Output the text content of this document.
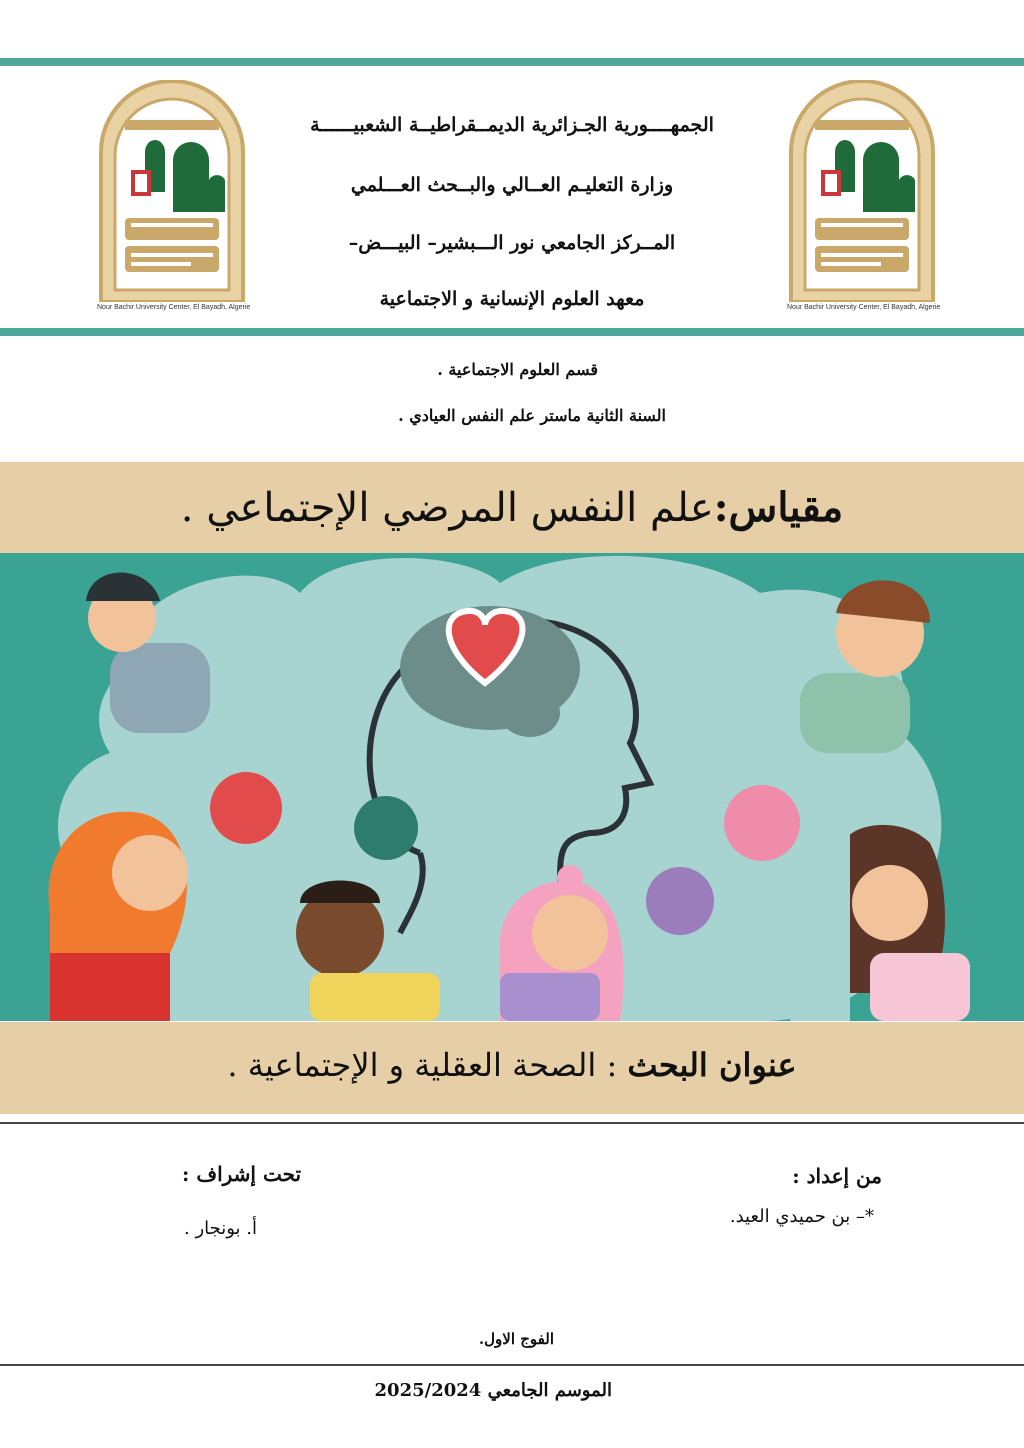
Nour Bachir University Center, El Bayadh, Algerie	Nour Bachir University Center, El Bayadh, Algerie
الجمهــــورية الجـزائرية الديمــقراطيــة الشعبيــــــة
وزارة التعليـم العــالي والبــحث العـــلمي
المــركز الجامعي نور الـــبشير– البيـــض–
معهد العلوم الإنسانية و الاجتماعية
قسم العلوم الاجتماعية .
السنة الثانية ماستر علم النفس العيادي .
مقياس:علم النفس المرضي الإجتماعي .
عنوان البحث : الصحة العقلية و الإجتماعية .
من إعداد :
*– بن حميدي العيد.
تحت إشراف :
أ. بونجار .
الفوج الاول.
الموسم الجامعي 2025/2024
